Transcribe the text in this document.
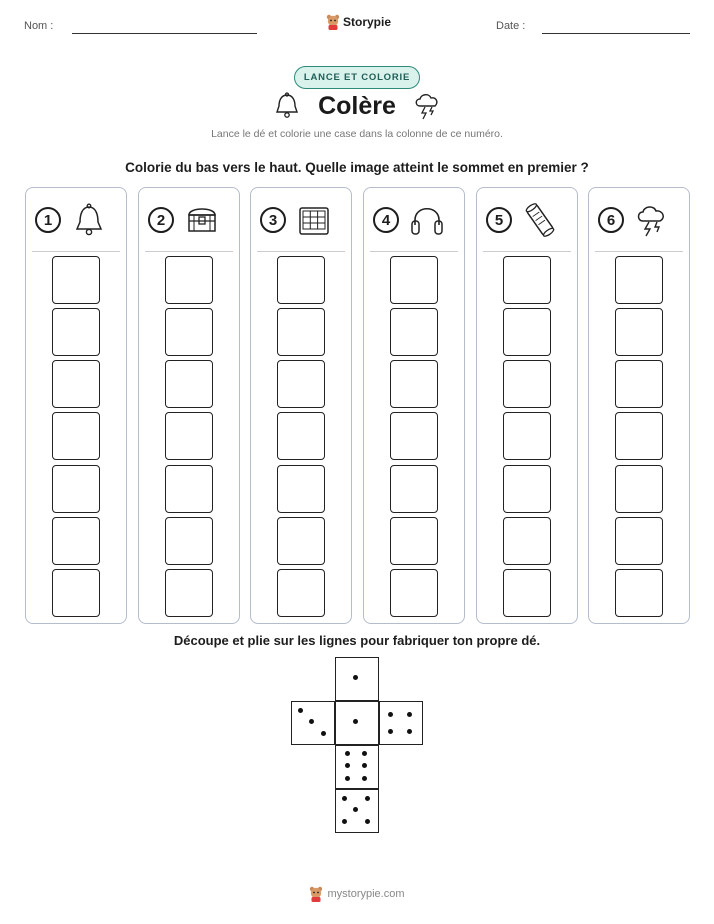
Nom :	Storypie	Date :
LANCE ET COLORIE
Colère
Lance le dé et colorie une case dans la colonne de ce numéro.
Colorie du bas vers le haut. Quelle image atteint le sommet en premier ?
1	2	3	4	5	6
Découpe et plie sur les lignes pour fabriquer ton propre dé.
mystorypie.com
